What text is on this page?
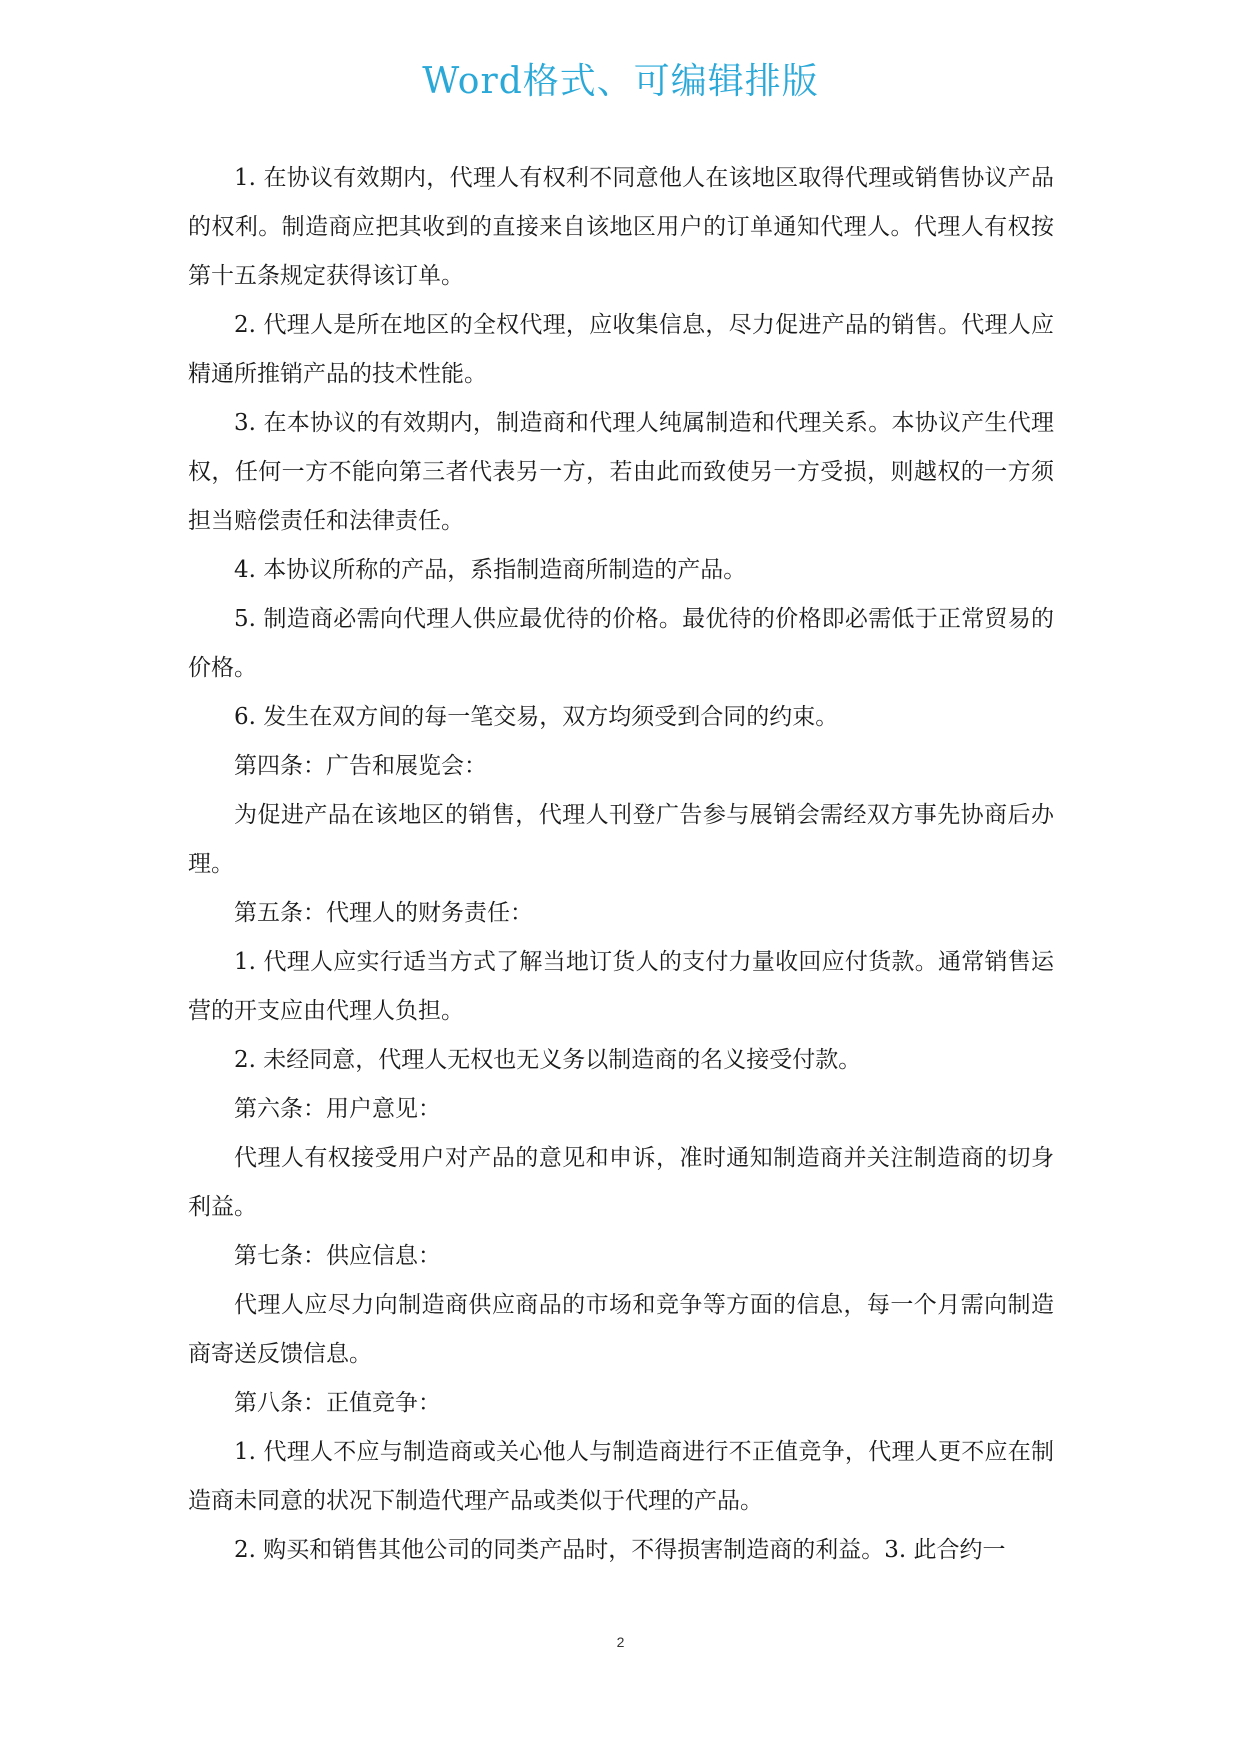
Word格式、可编辑排版

1. 在协议有效期内，代理人有权利不同意他人在该地区取得代理或销售协议产品的权利。制造商应把其收到的直接来自该地区用户的订单通知代理人。代理人有权按第十五条规定获得该订单。

2. 代理人是所在地区的全权代理，应收集信息，尽力促进产品的销售。代理人应精通所推销产品的技术性能。

3. 在本协议的有效期内，制造商和代理人纯属制造和代理关系。本协议产生代理权，任何一方不能向第三者代表另一方，若由此而致使另一方受损，则越权的一方须担当赔偿责任和法律责任。

4. 本协议所称的产品，系指制造商所制造的产品。

5. 制造商必需向代理人供应最优待的价格。最优待的价格即必需低于正常贸易的价格。

6. 发生在双方间的每一笔交易，双方均须受到合同的约束。

第四条：广告和展览会：

为促进产品在该地区的销售，代理人刊登广告参与展销会需经双方事先协商后办理。

第五条：代理人的财务责任：

1. 代理人应实行适当方式了解当地订货人的支付力量收回应付货款。通常销售运营的开支应由代理人负担。

2. 未经同意，代理人无权也无义务以制造商的名义接受付款。

第六条：用户意见：

代理人有权接受用户对产品的意见和申诉，准时通知制造商并关注制造商的切身利益。

第七条：供应信息：

代理人应尽力向制造商供应商品的市场和竞争等方面的信息，每一个月需向制造商寄送反馈信息。

第八条：正值竞争：

1. 代理人不应与制造商或关心他人与制造商进行不正值竞争，代理人更不应在制造商未同意的状况下制造代理产品或类似于代理的产品。

2. 购买和销售其他公司的同类产品时，不得损害制造商的利益。3. 此合约一

2
